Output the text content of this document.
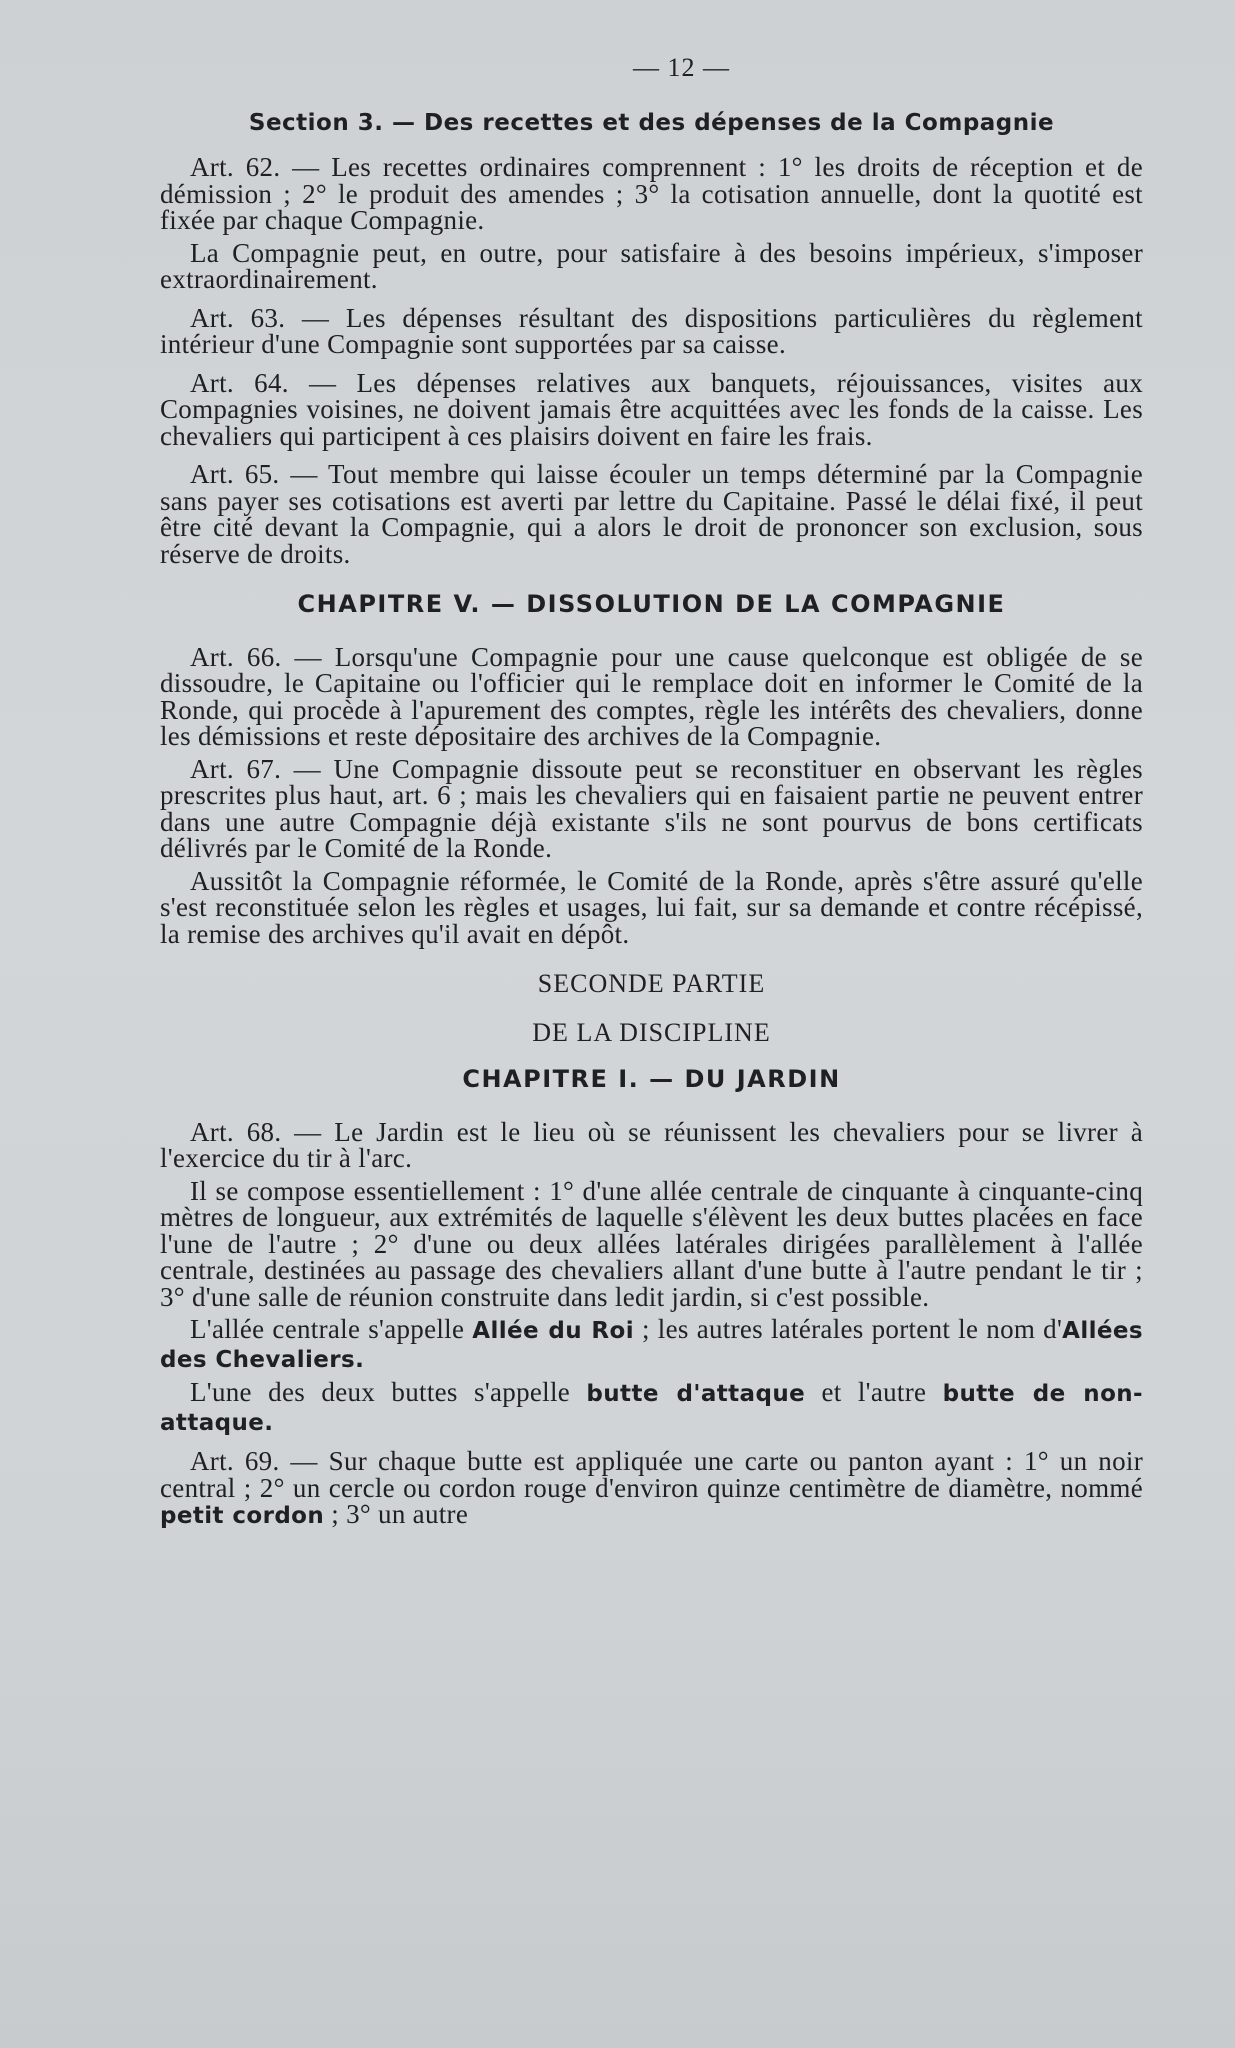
— 12 —
Section 3. — Des recettes et des dépenses de la Compagnie

Art. 62. — Les recettes ordinaires comprennent : 1° les droits de réception et de démission ; 2° le produit des amendes ; 3° la cotisation annuelle, dont la quotité est fixée par chaque Compagnie.

La Compagnie peut, en outre, pour satisfaire à des besoins impérieux, s'imposer extraordinairement.

Art. 63. — Les dépenses résultant des dispositions particulières du règlement intérieur d'une Compagnie sont supportées par sa caisse.

Art. 64. — Les dépenses relatives aux banquets, réjouissances, visites aux Compagnies voisines, ne doivent jamais être acquittées avec les fonds de la caisse. Les chevaliers qui participent à ces plaisirs doivent en faire les frais.

Art. 65. — Tout membre qui laisse écouler un temps déterminé par la Compagnie sans payer ses cotisations est averti par lettre du Capitaine. Passé le délai fixé, il peut être cité devant la Compagnie, qui a alors le droit de prononcer son exclusion, sous réserve de droits.

CHAPITRE V. — DISSOLUTION DE LA COMPAGNIE

Art. 66. — Lorsqu'une Compagnie pour une cause quelconque est obligée de se dissoudre, le Capitaine ou l'officier qui le remplace doit en informer le Comité de la Ronde, qui procède à l'apurement des comptes, règle les intérêts des chevaliers, donne les démissions et reste dépositaire des archives de la Compagnie.

Art. 67. — Une Compagnie dissoute peut se reconstituer en observant les règles prescrites plus haut, art. 6 ; mais les chevaliers qui en faisaient partie ne peuvent entrer dans une autre Compagnie déjà existante s'ils ne sont pourvus de bons certificats délivrés par le Comité de la Ronde.

Aussitôt la Compagnie réformée, le Comité de la Ronde, après s'être assuré qu'elle s'est reconstituée selon les règles et usages, lui fait, sur sa demande et contre récépissé, la remise des archives qu'il avait en dépôt.

SECONDE PARTIE
DE LA DISCIPLINE
CHAPITRE I. — DU JARDIN

Art. 68. — Le Jardin est le lieu où se réunissent les chevaliers pour se livrer à l'exercice du tir à l'arc.

Il se compose essentiellement : 1° d'une allée centrale de cinquante à cinquante-cinq mètres de longueur, aux extrémités de laquelle s'élèvent les deux buttes placées en face l'une de l'autre ; 2° d'une ou deux allées latérales dirigées parallèlement à l'allée centrale, destinées au passage des chevaliers allant d'une butte à l'autre pendant le tir ; 3° d'une salle de réunion construite dans ledit jardin, si c'est possible.

L'allée centrale s'appelle Allée du Roi ; les autres latérales portent le nom d'Allées des Chevaliers.

L'une des deux buttes s'appelle butte d'attaque et l'autre butte de non-attaque.

Art. 69. — Sur chaque butte est appliquée une carte ou panton ayant : 1° un noir central ; 2° un cercle ou cordon rouge d'environ quinze centimètre de diamètre, nommé petit cordon ; 3° un autre
